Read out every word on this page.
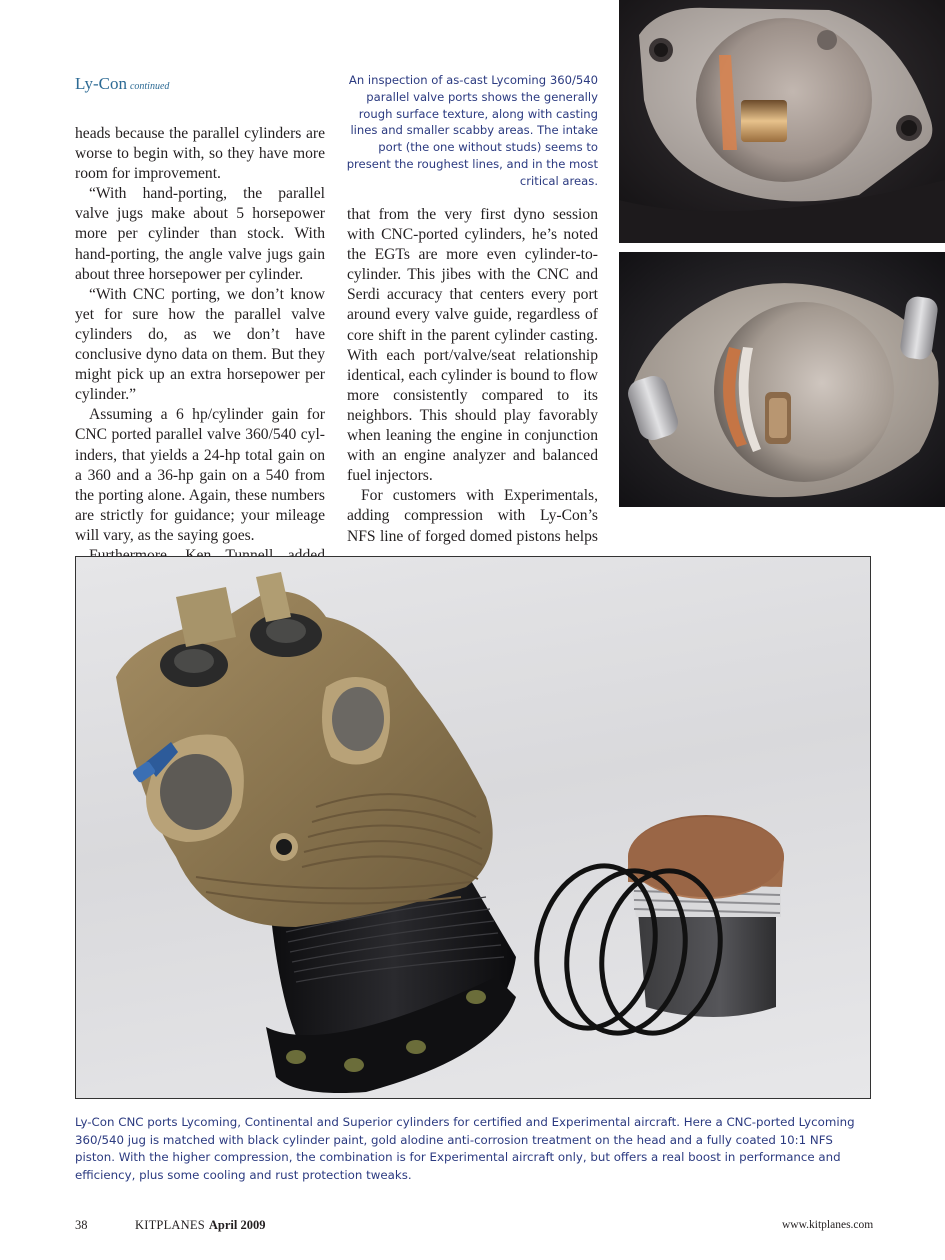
Ly-Con continued	An inspection of as-cast Lycoming 360/540 parallel valve ports shows the generally rough surface texture, along with casting lines and smaller scabby areas. The intake port (the one without studs) seems to present the roughest lines, and in the most critical areas.

heads because the parallel cylinders are worse to begin with, so they have more room for improvement.

“With hand-porting, the parallel valve jugs make about 5 horsepower more per cylinder than stock. With hand-porting, the angle valve jugs gain about three horsepower per cylinder.

“With CNC porting, we don’t know yet for sure how the parallel valve cylinders do, as we don’t have conclusive dyno data on them. But they might pick up an extra horsepower per cylinder.”

Assuming a 6 hp/cylinder gain for CNC ported parallel valve 360/540 cylinders, that yields a 24-hp total gain on a 360 and a 36-hp gain on a 540 from the porting alone. Again, these numbers are strictly for guidance; your mileage will vary, as the saying goes.

that from the very first dyno session with CNC-ported cylinders, he’s noted the EGTs are more even cylinder-to-cylinder. This jibes with the CNC and Serdi accuracy that centers every port around every valve guide, regardless of core shift in the parent cylinder casting. With each port/valve/seat relationship identical, each cylinder is bound to flow more consistently compared to its neighbors. This should play favorably when leaning the engine in conjunction with an engine analyzer and balanced fuel injectors.

For customers with Experimentals, adding compression with Ly-Con’s NFS line of forged domed pistons helps

Ly-Con CNC ports Lycoming, Continental and Superior cylinders for certified and Experimental aircraft. Here a CNC-ported Lycoming 360/540 jug is matched with black cylinder paint, gold alodine anti-corrosion treatment on the head and a fully coated 10:1 NFS piston. With the higher compression, the combination is for Experimental aircraft only, but offers a real boost in performance and efficiency, plus some cooling and rust protection tweaks.
38	KITPLANES April 2009	www.kitplanes.com
